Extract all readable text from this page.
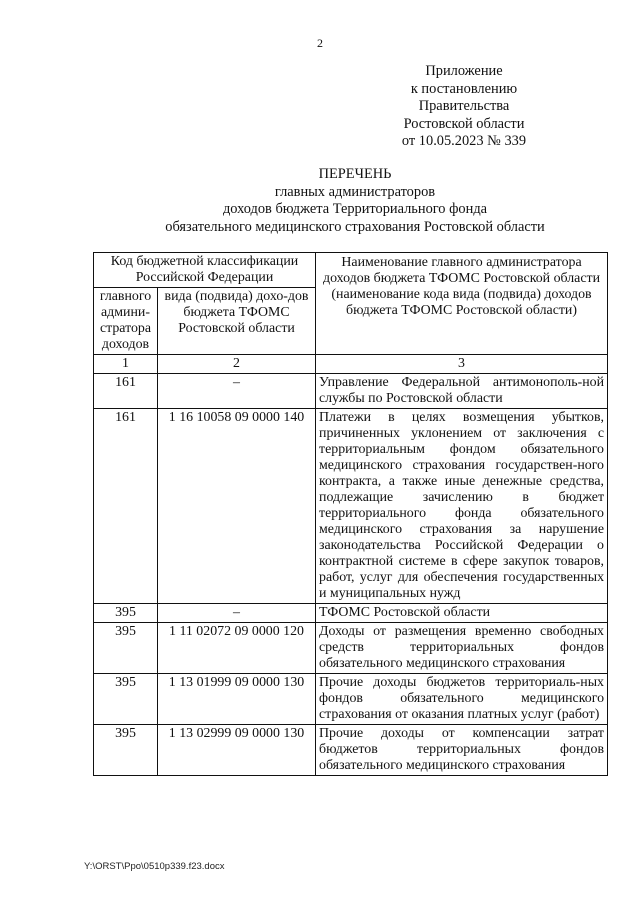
2
Приложение
к постановлению
Правительства
Ростовской области
от 10.05.2023 № 339
ПЕРЕЧЕНЬ
главных администраторов
доходов бюджета Территориального фонда
обязательного медицинского страхования Ростовской области
Код бюджетной классификации Российской Федерации		Наименование главного администратора доходов бюджета ТФОМС Ростовской области (наименование кода вида (подвида) доходов бюджета ТФОМС Ростовской области)
главного админи-стратора доходов	вида (подвида) дохо-дов бюджета ТФОМС Ростовской области	
1	2	3
161	–	Управление Федеральной антимонополь-ной службы по Ростовской области
161	1 16 10058 09 0000 140	Платежи в целях возмещения убытков, причиненных уклонением от заключения с территориальным фондом обязательного медицинского страхования государствен-ного контракта, а также иные денежные средства, подлежащие зачислению в бюджет территориального фонда обязательного медицинского страхования за нарушение законодательства Российской Федерации о контрактной системе в сфере закупок товаров, работ, услуг для обеспечения государственных и муниципальных нужд
395	–	ТФОМС Ростовской области
395	1 11 02072 09 0000 120	Доходы от размещения временно свободных средств территориальных фондов обязательного медицинского страхования
395	1 13 01999 09 0000 130	Прочие доходы бюджетов территориаль-ных фондов обязательного медицинского страхования от оказания платных услуг (работ)
395	1 13 02999 09 0000 130	Прочие доходы от компенсации затрат бюджетов территориальных фондов обязательного медицинского страхования
Y:\ORST\Ppo\0510p339.f23.docx
